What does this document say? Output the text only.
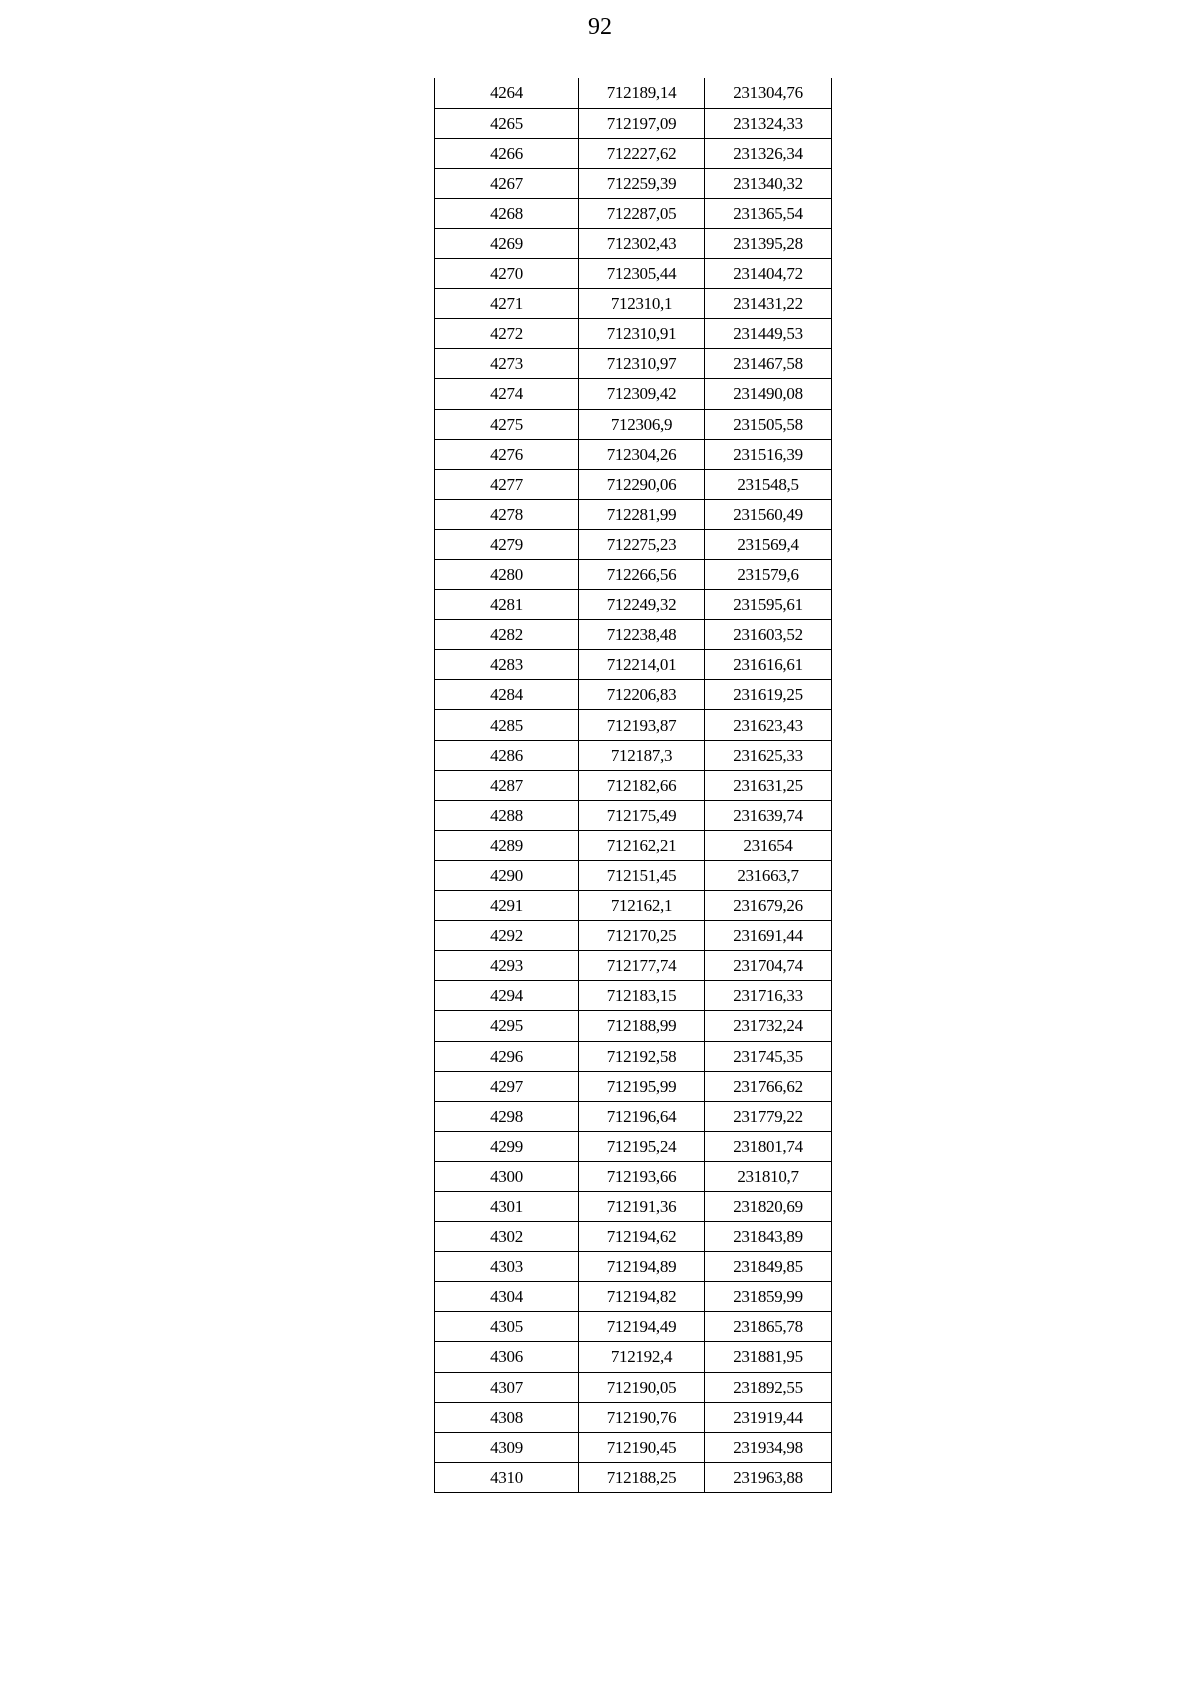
92
4264	712189,14	231304,76
4265	712197,09	231324,33
4266	712227,62	231326,34
4267	712259,39	231340,32
4268	712287,05	231365,54
4269	712302,43	231395,28
4270	712305,44	231404,72
4271	712310,1	231431,22
4272	712310,91	231449,53
4273	712310,97	231467,58
4274	712309,42	231490,08
4275	712306,9	231505,58
4276	712304,26	231516,39
4277	712290,06	231548,5
4278	712281,99	231560,49
4279	712275,23	231569,4
4280	712266,56	231579,6
4281	712249,32	231595,61
4282	712238,48	231603,52
4283	712214,01	231616,61
4284	712206,83	231619,25
4285	712193,87	231623,43
4286	712187,3	231625,33
4287	712182,66	231631,25
4288	712175,49	231639,74
4289	712162,21	231654
4290	712151,45	231663,7
4291	712162,1	231679,26
4292	712170,25	231691,44
4293	712177,74	231704,74
4294	712183,15	231716,33
4295	712188,99	231732,24
4296	712192,58	231745,35
4297	712195,99	231766,62
4298	712196,64	231779,22
4299	712195,24	231801,74
4300	712193,66	231810,7
4301	712191,36	231820,69
4302	712194,62	231843,89
4303	712194,89	231849,85
4304	712194,82	231859,99
4305	712194,49	231865,78
4306	712192,4	231881,95
4307	712190,05	231892,55
4308	712190,76	231919,44
4309	712190,45	231934,98
4310	712188,25	231963,88
